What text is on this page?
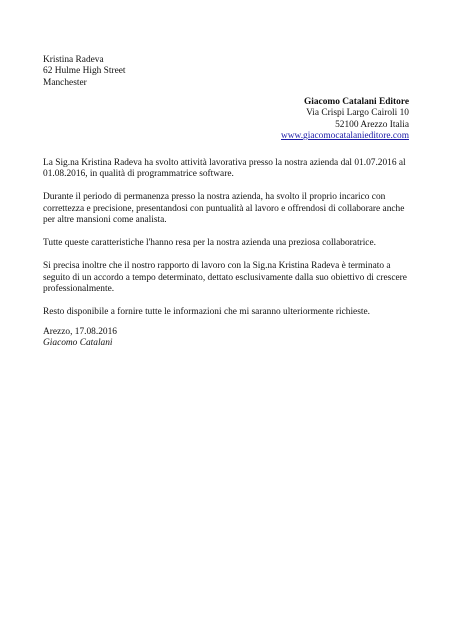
Kristina Radeva
62 Hulme High Street
Manchester
Giacomo Catalani Editore
Via Crispi Largo Cairoli 10
52100 Arezzo Italia
www.giacomocatalanieditore.com

La Sig.na Kristina Radeva ha svolto attività lavorativa presso la nostra azienda dal 01.07.2016 al 01.08.2016, in qualità di programmatrice software.

Durante il periodo di permanenza presso la nostra azienda, ha svolto il proprio incarico con correttezza e precisione, presentandosi con puntualità al lavoro e offrendosi di collaborare anche per altre mansioni come analista.

Tutte queste caratteristiche l'hanno resa per la nostra azienda una preziosa collaboratrice.

Si precisa inoltre che il nostro rapporto di lavoro con la Sig.na Kristina Radeva è terminato a seguito di un accordo a tempo determinato, dettato esclusivamente dalla suo obiettivo di crescere professionalmente.

Resto disponibile a fornire tutte le informazioni che mi saranno ulteriormente richieste.

Arezzo, 17.08.2016
Giacomo Catalani
